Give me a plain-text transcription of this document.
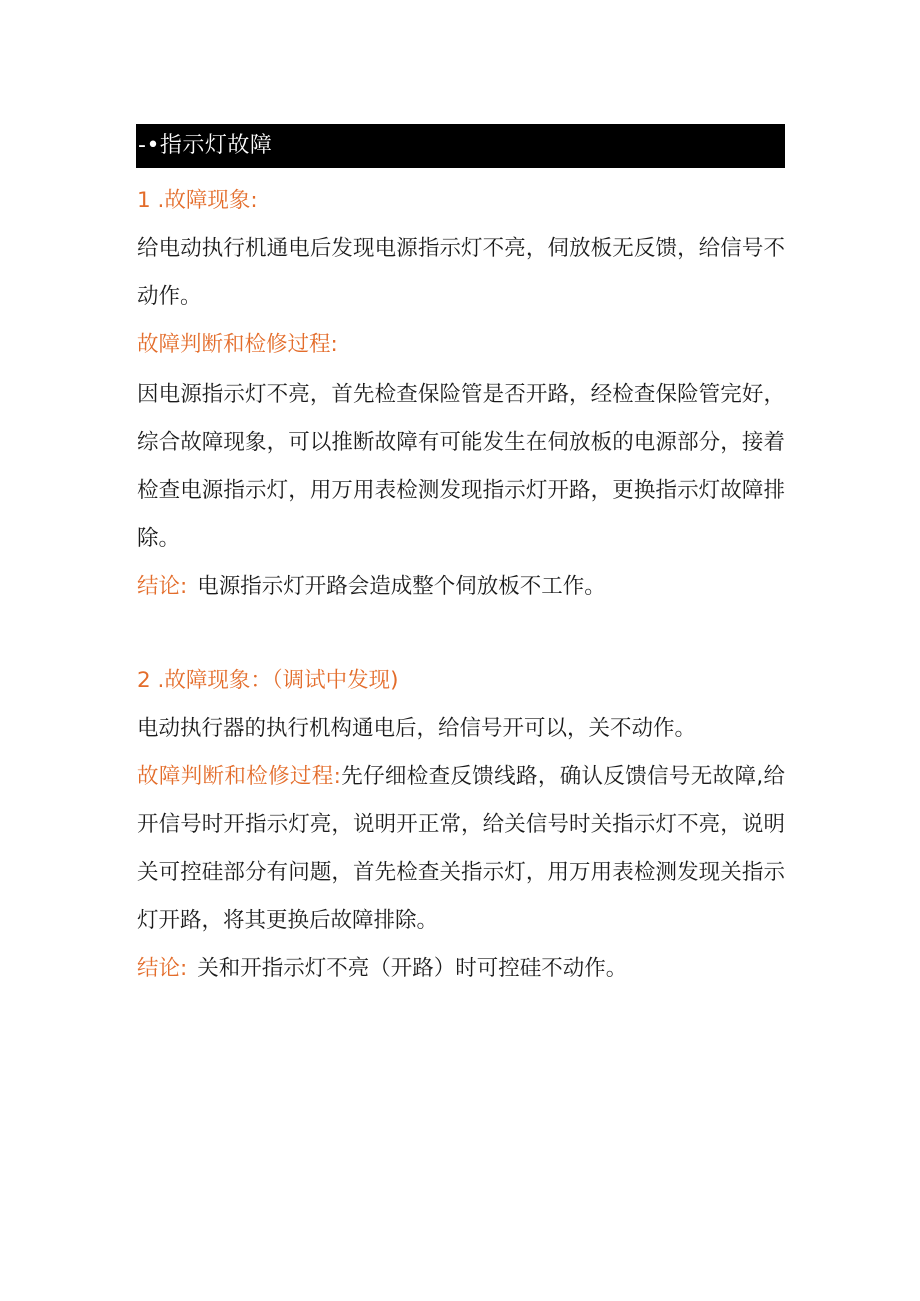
-•指示灯故障
1 .故障现象:
给电动执行机通电后发现电源指示灯不亮，伺放板无反馈，给信号不
动作。
故障判断和检修过程:
因电源指示灯不亮，首先检查保险管是否开路，经检查保险管完好，
综合故障现象，可以推断故障有可能发生在伺放板的电源部分，接着
检查电源指示灯，用万用表检测发现指示灯开路，更换指示灯故障排
除。
结论: 电源指示灯开路会造成整个伺放板不工作。
2 .故障现象：（调试中发现)
电动执行器的执行机构通电后，给信号开可以，关不动作。
故障判断和检修过程:先仔细检查反馈线路，确认反馈信号无故障,给
开信号时开指示灯亮，说明开正常，给关信号时关指示灯不亮，说明
关可控硅部分有问题，首先检查关指示灯，用万用表检测发现关指示
灯开路，将其更换后故障排除。
结论: 关和开指示灯不亮（开路）时可控硅不动作。
